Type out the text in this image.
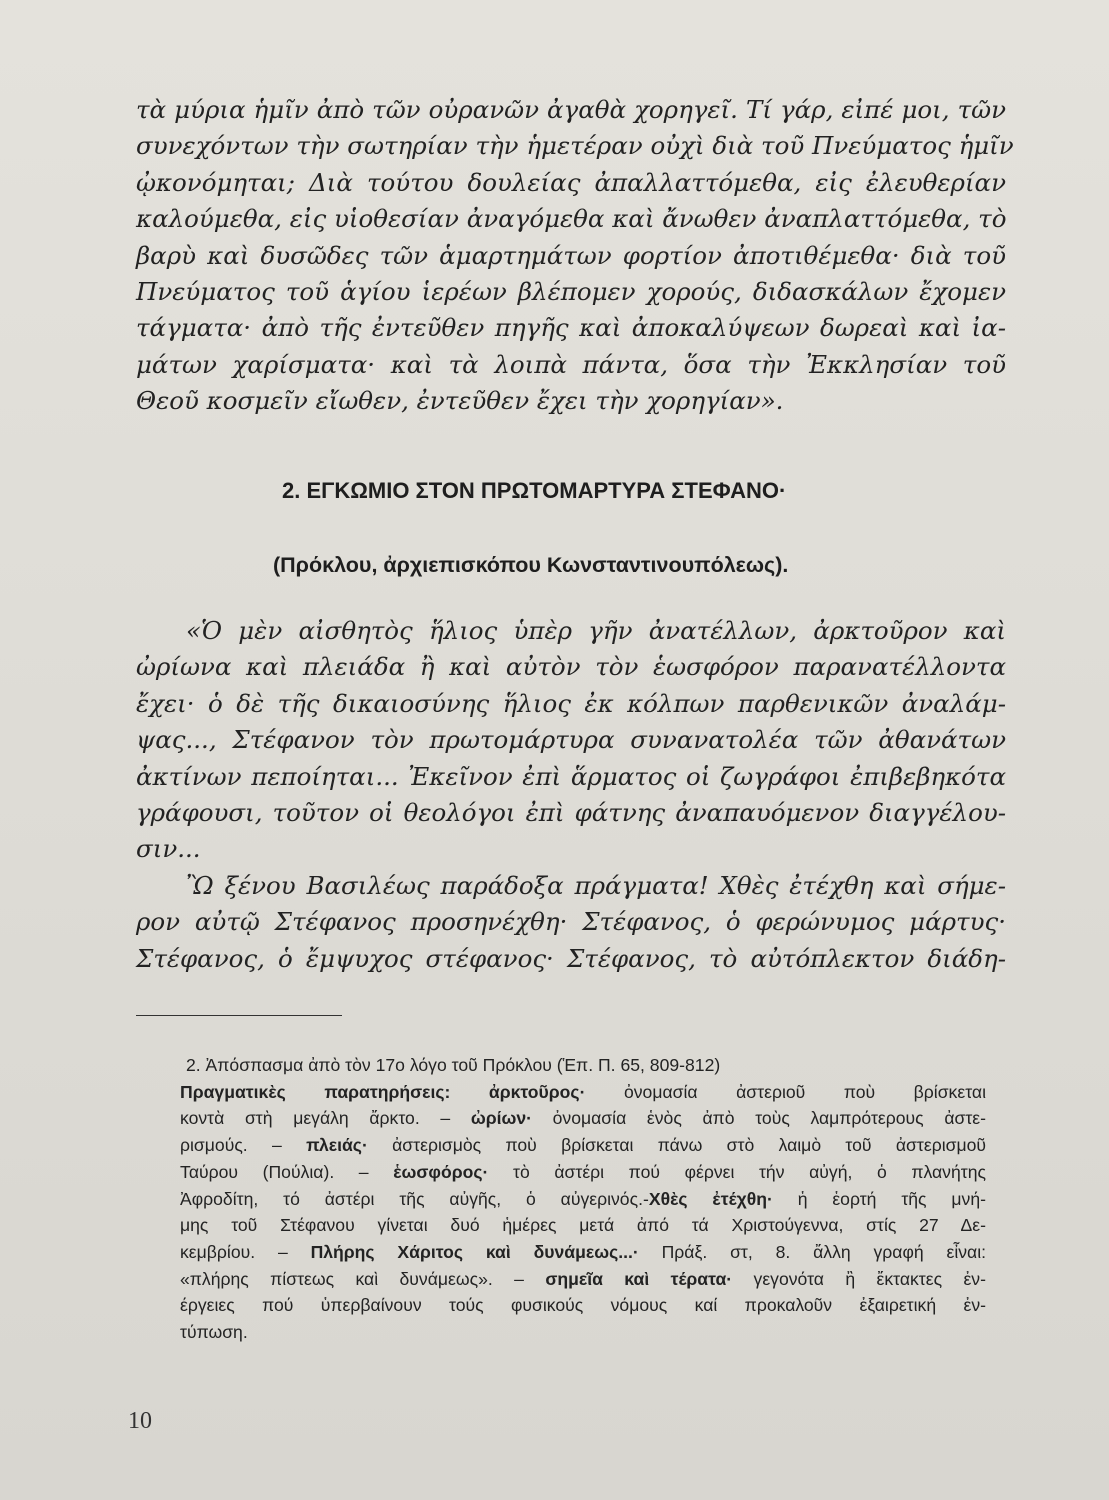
τὰ μύρια ἡμῖν ἀπὸ τῶν οὐρανῶν ἀγαθὰ χορηγεῖ. Τί γάρ, εἰπέ μοι, τῶν
συνεχόντων τὴν σωτηρίαν τὴν ἡμετέραν οὐχὶ διὰ τοῦ Πνεύματος ἡμῖν
ᾠκονόμηται; Διὰ τούτου δουλείας ἀπαλλαττόμεθα, εἰς ἐλευθερίαν
καλούμεθα, εἰς υἱοθεσίαν ἀναγόμεθα καὶ ἄνωθεν ἀναπλαττόμεθα, τὸ
βαρὺ καὶ δυσῶδες τῶν ἁμαρτημάτων φορτίον ἀποτιθέμεθα· διὰ τοῦ
Πνεύματος τοῦ ἁγίου ἱερέων βλέπομεν χορούς, διδασκάλων ἔχομεν
τάγματα· ἀπὸ τῆς ἐντεῦθεν πηγῆς καὶ ἀποκαλύψεων δωρεαὶ καὶ ἰα-
μάτων χαρίσματα· καὶ τὰ λοιπὰ πάντα, ὅσα τὴν Ἐκκλησίαν τοῦ
Θεοῦ κοσμεῖν εἴωθεν, ἐντεῦθεν ἔχει τὴν χορηγίαν».
2. ΕΓΚΩΜΙΟ ΣΤΟΝ ΠΡΩΤΟΜΑΡΤΥΡΑ ΣΤΕΦΑΝΟ·
(Πρόκλου, ἀρχιεπισκόπου Κωνσταντινουπόλεως).
«Ὁ μὲν αἰσθητὸς ἥλιος ὑπὲρ γῆν ἀνατέλλων, ἀρκτοῦρον καὶ
ὠρίωνα καὶ πλειάδα ἢ καὶ αὐτὸν τὸν ἑωσφόρον παρανατέλλοντα
ἔχει· ὁ δὲ τῆς δικαιοσύνης ἥλιος ἐκ κόλπων παρθενικῶν ἀναλάμ-
ψας..., Στέφανον τὸν πρωτομάρτυρα συνανατολέα τῶν ἀθανάτων
ἀκτίνων πεποίηται... Ἐκεῖνον ἐπὶ ἅρματος οἱ ζωγράφοι ἐπιβεβηκότα
γράφουσι, τοῦτον οἱ θεολόγοι ἐπὶ φάτνης ἀναπαυόμενον διαγγέλου-
σιν...
Ὢ ξένου Βασιλέως παράδοξα πράγματα! Χθὲς ἐτέχθη καὶ σήμε-
ρον αὐτῷ Στέφανος προσηνέχθη· Στέφανος, ὁ φερώνυμος μάρτυς·
Στέφανος, ὁ ἔμψυχος στέφανος· Στέφανος, τὸ αὐτόπλεκτον διάδη-
2. Ἀπόσπασμα ἀπὸ τὸν 17ο λόγο τοῦ Πρόκλου (Ἑπ. Π. 65, 809-812)
Πραγματικὲς παρατηρήσεις: ἀρκτοῦρος· ὀνομασία ἀστεριοῦ ποὺ βρίσκεται
κοντὰ στὴ μεγάλη ἄρκτο. – ὠρίων· ὀνομασία ἑνὸς ἀπὸ τοὺς λαμπρότερους ἀστε-
ρισμούς. – πλειάς· ἀστερισμὸς ποὺ βρίσκεται πάνω στὸ λαιμὸ τοῦ ἀστερισμοῦ
Ταύρου (Πούλια). – ἑωσφόρος· τὸ ἀστέρι πού φέρνει τήν αὐγή, ὁ πλανήτης
Ἀφροδίτη, τό ἀστέρι τῆς αὐγῆς, ὁ αὐγερινός.-Χθὲς ἐτέχθη· ἡ ἑορτή τῆς μνή-
μης τοῦ Στέφανου γίνεται δυό ἡμέρες μετά ἀπό τά Χριστούγεννα, στίς 27 Δε-
κεμβρίου. – Πλήρης Χάριτος καὶ δυνάμεως...· Πράξ. στ, 8. ἄλλη γραφή εἶναι:
«πλήρης πίστεως καὶ δυνάμεως». – σημεῖα καὶ τέρατα· γεγονότα ἢ ἔκτακτες ἐν-
έργειες πού ὑπερβαίνουν τούς φυσικούς νόμους καί προκαλοῦν ἐξαιρετική ἐν-
τύπωση.
10
